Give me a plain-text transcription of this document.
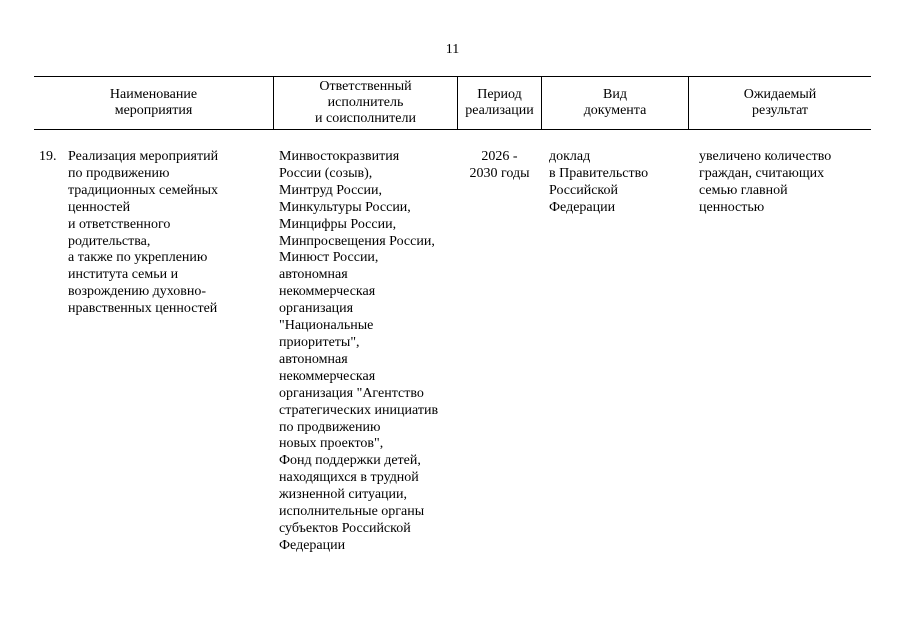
11
Наименование
мероприятия
Ответственный
исполнитель
и соисполнители
Период
реализации
Вид
документа
Ожидаемый
результат
19. Реализация мероприятий
по продвижению
традиционных семейных
ценностей
и ответственного
родительства,
а также по укреплению
института семьи и
возрождению духовно-
нравственных ценностей
Минвостокразвития
России (созыв),
Минтруд России,
Минкультуры России,
Минцифры России,
Минпросвещения России,
Минюст России,
автономная
некоммерческая
организация
"Национальные
приоритеты",
автономная
некоммерческая
организация "Агентство
стратегических инициатив
по продвижению
новых проектов",
Фонд поддержки детей,
находящихся в трудной
жизненной ситуации,
исполнительные органы
субъектов Российской
Федерации
2026 -
2030 годы
доклад
в Правительство
Российской
Федерации
увеличено количество
граждан, считающих
семью главной
ценностью
